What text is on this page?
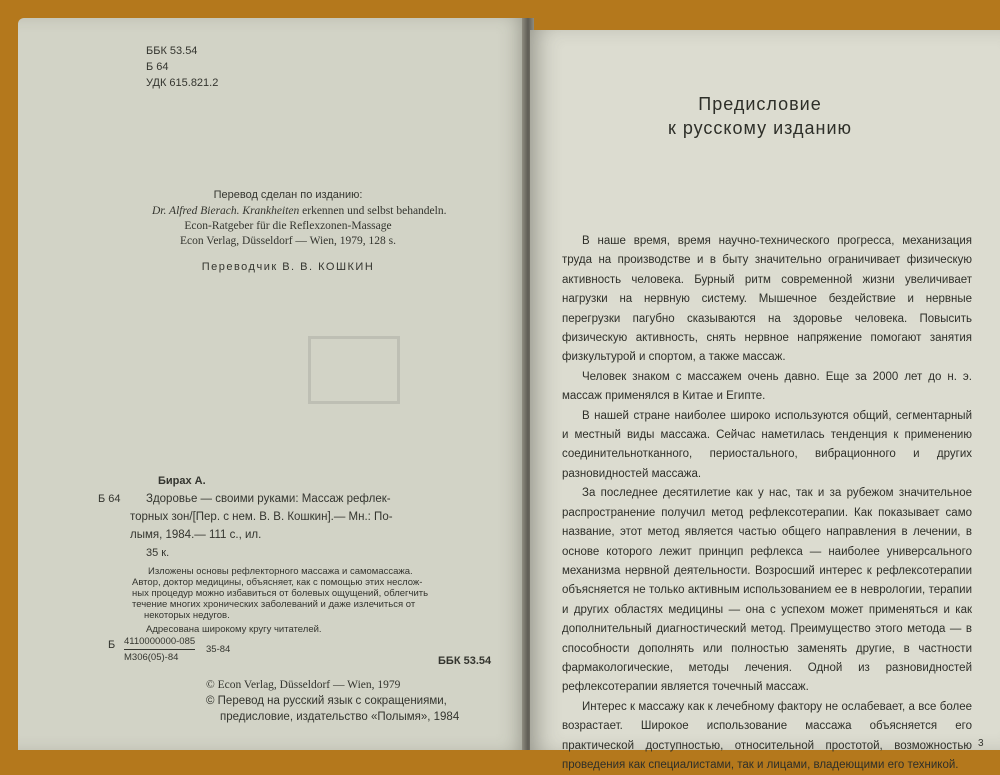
ББК 53.54
Б 64
УДК 615.821.2
Перевод сделан по изданию:
Dr. Alfred Bierach. Krankheiten erkennen und selbst behandeln.
Econ-Ratgeber für die Reflexzonen-Massage
Econ Verlag, Düsseldorf — Wien, 1979, 128 s.
Переводчик В. В. КОШКИН
Бирах А.
Б 64 Здоровье — своими руками: Массаж рефлек-
торных зон/[Пер. с нем. В. В. Кошкин].— Мн.: По-
лымя, 1984.— 111 с., ил.
35 к.
Изложены основы рефлекторного массажа и самомассажа.
Автор, доктор медицины, объясняет, как с помощью этих неслож-
ных процедур можно избавиться от болевых ощущений, облегчить
течение многих хронических заболеваний и даже излечиться от
некоторых недугов.
Адресована широкому кругу читателей.
Б 4110000000-085
М306(05)-84
35-84
ББК 53.54
© Econ Verlag, Düsseldorf — Wien, 1979
© Перевод на русский язык с сокращениями,
предисловие, издательство «Полымя», 1984
Предисловие
к русскому изданию

В наше время, время научно-технического прогресса, механизация труда на производстве и в быту значительно ограничивает физическую активность человека. Бурный ритм современной жизни увеличивает нагрузки на нервную систему. Мышечное бездействие и нервные перегрузки пагубно сказываются на здоровье человека. Повысить физическую активность, снять нервное напряжение помогают занятия физкультурой и спортом, а также массаж.

Человек знаком с массажем очень давно. Еще за 2000 лет до н. э. массаж применялся в Китае и Египте.

В нашей стране наиболее широко используются общий, сегментарный и местный виды массажа. Сейчас наметилась тенденция к применению соединительнотканного, периостального, вибрационного и других разновидностей массажа.

За последнее десятилетие как у нас, так и за рубежом значительное распространение получил метод рефлексотерапии. Как показывает само название, этот метод является частью общего направления в лечении, в основе которого лежит принцип рефлекса — наиболее универсального механизма нервной деятельности. Возросший интерес к рефлексотерапии объясняется не только активным использованием ее в неврологии, терапии и других областях медицины — она с успехом может применяться и как дополнительный диагностический метод. Преимущество этого метода — в способности дополнять или полностью заменять другие, в частности фармакологические, методы лечения. Одной из разновидностей рефлексотерапии является точечный массаж.

Интерес к массажу как к лечебному фактору не ослабевает, а все более возрастает. Широкое использование массажа объясняется его практической доступностью, относительной простотой, возможностью проведения как специалистами, так и лицами, владеющими его техникой.

3
